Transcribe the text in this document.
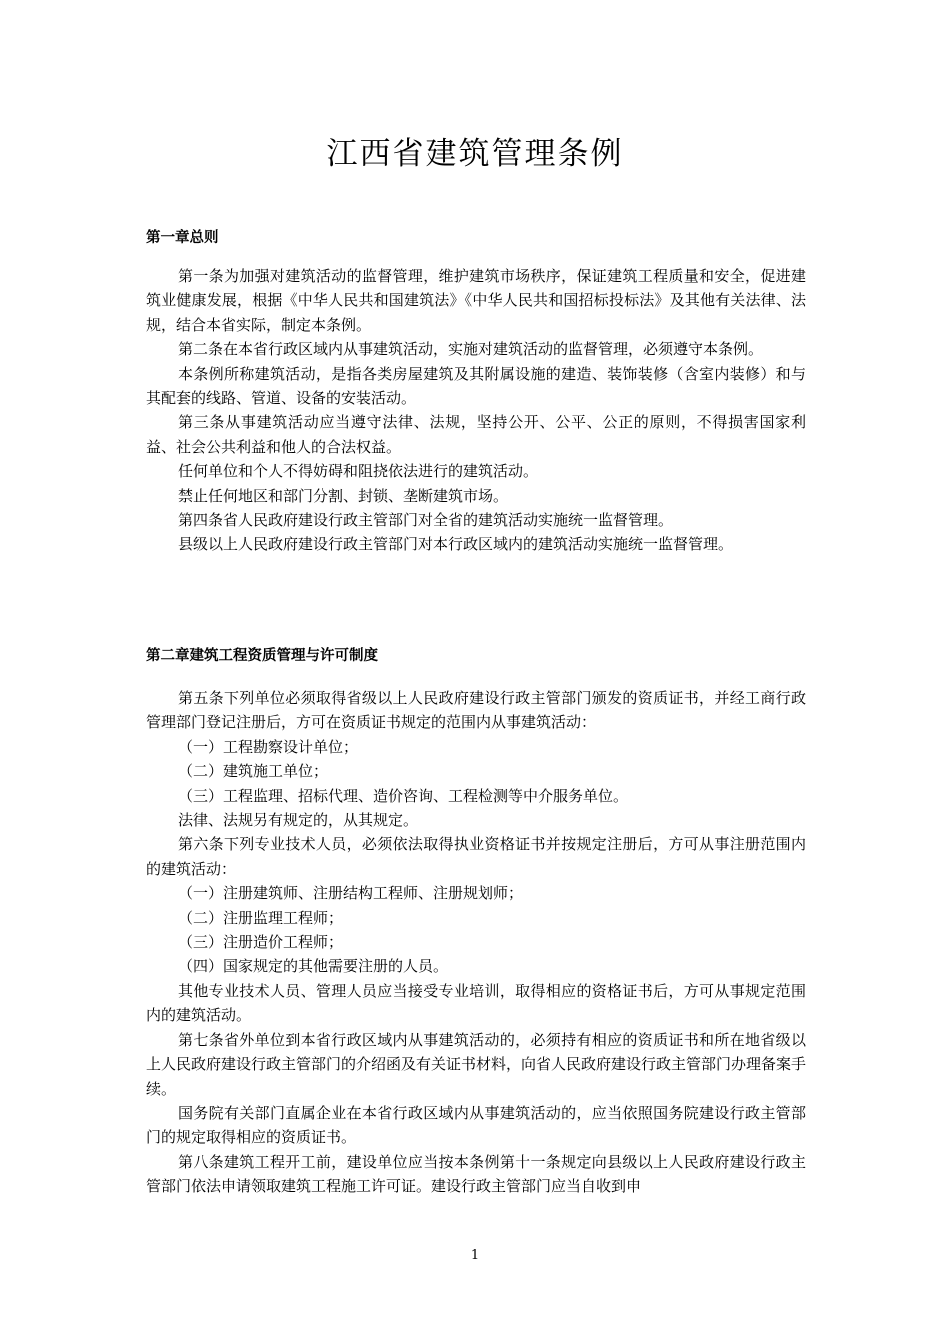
江西省建筑管理条例
第一章总则

第一条为加强对建筑活动的监督管理，维护建筑市场秩序，保证建筑工程质量和安全，促进建筑业健康发展，根据《中华人民共和国建筑法》《中华人民共和国招标投标法》及其他有关法律、法规，结合本省实际，制定本条例。

第二条在本省行政区域内从事建筑活动，实施对建筑活动的监督管理，必须遵守本条例。

本条例所称建筑活动，是指各类房屋建筑及其附属设施的建造、装饰装修（含室内装修）和与其配套的线路、管道、设备的安装活动。

第三条从事建筑活动应当遵守法律、法规，坚持公开、公平、公正的原则，不得损害国家利益、社会公共利益和他人的合法权益。

任何单位和个人不得妨碍和阻挠依法进行的建筑活动。

禁止任何地区和部门分割、封锁、垄断建筑市场。

第四条省人民政府建设行政主管部门对全省的建筑活动实施统一监督管理。

县级以上人民政府建设行政主管部门对本行政区域内的建筑活动实施统一监督管理。

第二章建筑工程资质管理与许可制度

第五条下列单位必须取得省级以上人民政府建设行政主管部门颁发的资质证书，并经工商行政管理部门登记注册后，方可在资质证书规定的范围内从事建筑活动：

（一）工程勘察设计单位；

（二）建筑施工单位；

（三）工程监理、招标代理、造价咨询、工程检测等中介服务单位。

法律、法规另有规定的，从其规定。

第六条下列专业技术人员，必须依法取得执业资格证书并按规定注册后，方可从事注册范围内的建筑活动：

（一）注册建筑师、注册结构工程师、注册规划师；

（二）注册监理工程师；

（三）注册造价工程师；

（四）国家规定的其他需要注册的人员。

其他专业技术人员、管理人员应当接受专业培训，取得相应的资格证书后，方可从事规定范围内的建筑活动。

第七条省外单位到本省行政区域内从事建筑活动的，必须持有相应的资质证书和所在地省级以上人民政府建设行政主管部门的介绍函及有关证书材料，向省人民政府建设行政主管部门办理备案手续。

国务院有关部门直属企业在本省行政区域内从事建筑活动的，应当依照国务院建设行政主管部门的规定取得相应的资质证书。

第八条建筑工程开工前，建设单位应当按本条例第十一条规定向县级以上人民政府建设行政主管部门依法申请领取建筑工程施工许可证。建设行政主管部门应当自收到申

1
